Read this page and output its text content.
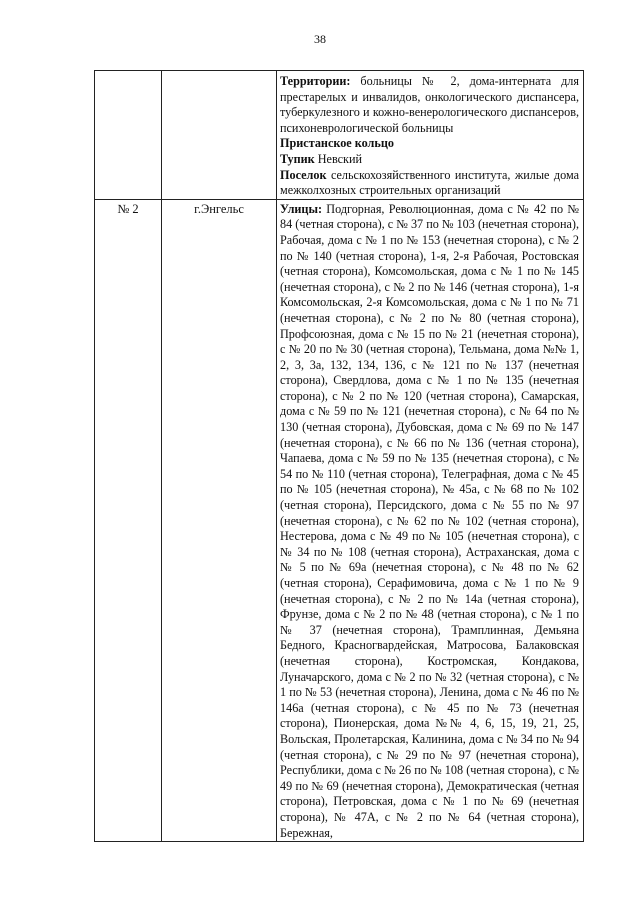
38

		Территории: больницы № 2, дома-интерната для престарелых и инвалидов, онкологического диспансера, туберкулезного и кожно-венерологического диспансеров, психоневрологической больницы

Пристанское кольцо

Тупик Невский

Поселок сельскохозяйственного института, жилые дома межколхозных строительных организаций

№ 2	г.Энгельс	Улицы: Подгорная, Революционная, дома с № 42 по № 84 (четная сторона), с № 37 по № 103 (нечетная сторона), Рабочая, дома с № 1 по № 153 (нечетная сторона), с № 2 по № 140 (четная сторона), 1-я, 2-я Рабочая, Ростовская (четная сторона), Комсомольская, дома с № 1 по № 145 (нечетная сторона), с № 2 по № 146 (четная сторона), 1-я Комсомольская, 2-я Комсомольская, дома с № 1 по № 71 (нечетная сторона), с № 2 по № 80 (четная сторона), Профсоюзная, дома с № 15 по № 21 (нечетная сторона), с № 20 по № 30 (четная сторона), Тельмана, дома №№ 1, 2, 3, 3а, 132, 134, 136, с № 121 по № 137 (нечетная сторона), Свердлова, дома с № 1 по № 135 (нечетная сторона), с № 2 по № 120 (четная сторона), Самарская, дома с № 59 по № 121 (нечетная сторона), с № 64 по № 130 (четная сторона), Дубовская, дома с № 69 по № 147 (нечетная сторона), с № 66 по № 136 (четная сторона), Чапаева, дома с № 59 по № 135 (нечетная сторона), с № 54 по № 110 (четная сторона), Телеграфная, дома с № 45 по № 105 (нечетная сторона), № 45а, с № 68 по № 102 (четная сторона), Персидского, дома с № 55 по № 97 (нечетная сторона), с № 62 по № 102 (четная сторона), Нестерова, дома с № 49 по № 105 (нечетная сторона), с № 34 по № 108 (четная сторона), Астраханская, дома с № 5 по № 69а (нечетная сторона), с № 48 по № 62 (четная сторона), Серафимовича, дома с № 1 по № 9 (нечетная сторона), с № 2 по № 14а (четная сторона), Фрунзе, дома с № 2 по № 48 (четная сторона), с № 1 по № 37 (нечетная сторона), Трамплинная, Демьяна Бедного, Красногвардейская, Матросова, Балаковская (нечетная сторона), Костромская, Кондакова, Луначарского, дома с № 2 по № 32 (четная сторона), с № 1 по № 53 (нечетная сторона), Ленина, дома с № 46 по № 146а (четная сторона), с № 45 по № 73 (нечетная сторона), Пионерская, дома №№ 4, 6, 15, 19, 21, 25, Вольская, Пролетарская, Калинина, дома с № 34 по № 94 (четная сторона), с № 29 по № 97 (нечетная сторона), Республики, дома с № 26 по № 108 (четная сторона), с № 49 по № 69 (нечетная сторона), Демократическая (четная сторона), Петровская, дома с № 1 по № 69 (нечетная сторона), № 47А, с № 2 по № 64 (четная сторона), Бережная,
